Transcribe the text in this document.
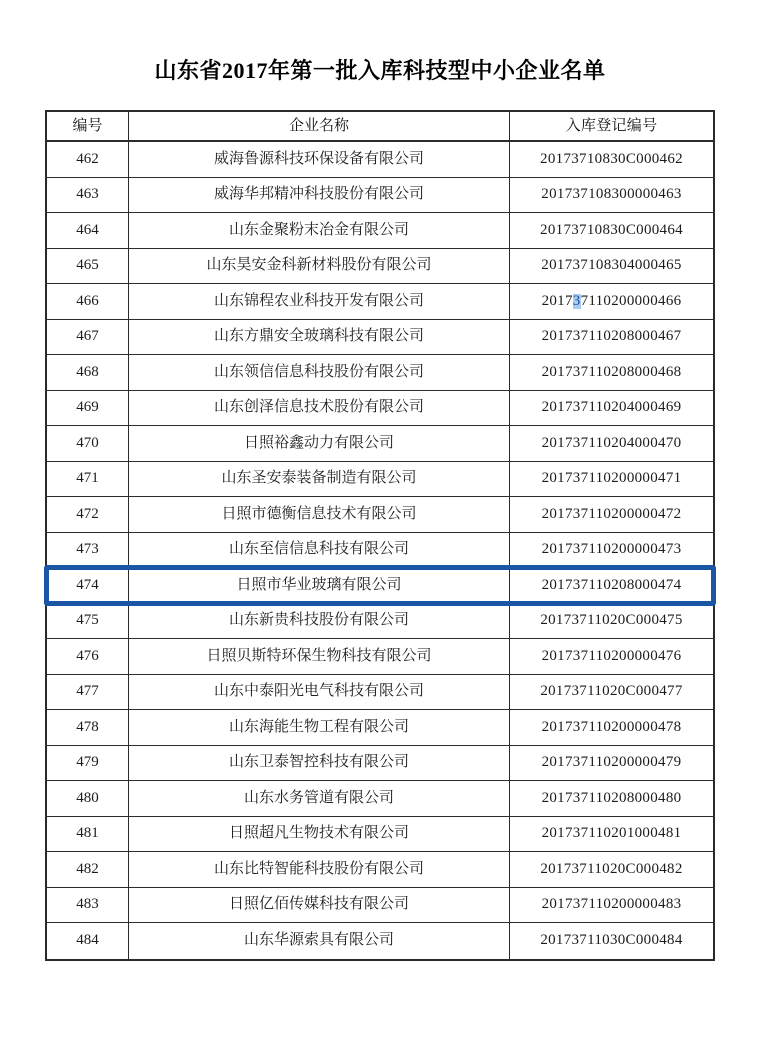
山东省2017年第一批入库科技型中小企业名单
编号	企业名称	入库登记编号
462	威海鲁源科技环保设备有限公司	20173710830C000462
463	威海华邦精冲科技股份有限公司	201737108300000463
464	山东金聚粉末冶金有限公司	20173710830C000464
465	山东昊安金科新材料股份有限公司	201737108304000465
466	山东锦程农业科技开发有限公司	2017 3 7110200000466
467	山东方鼎安全玻璃科技有限公司	201737110208000467
468	山东领信信息科技股份有限公司	201737110208000468
469	山东创泽信息技术股份有限公司	201737110204000469
470	日照裕鑫动力有限公司	201737110204000470
471	山东圣安泰装备制造有限公司	201737110200000471
472	日照市德衡信息技术有限公司	201737110200000472
473	山东至信信息科技有限公司	201737110200000473
474	日照市华业玻璃有限公司	201737110208000474
475	山东新贵科技股份有限公司	20173711020C000475
476	日照贝斯特环保生物科技有限公司	201737110200000476
477	山东中泰阳光电气科技有限公司	20173711020C000477
478	山东海能生物工程有限公司	201737110200000478
479	山东卫泰智控科技有限公司	201737110200000479
480	山东水务管道有限公司	201737110208000480
481	日照超凡生物技术有限公司	201737110201000481
482	山东比特智能科技股份有限公司	20173711020C000482
483	日照亿佰传媒科技有限公司	201737110200000483
484	山东华源索具有限公司	20173711030C000484
